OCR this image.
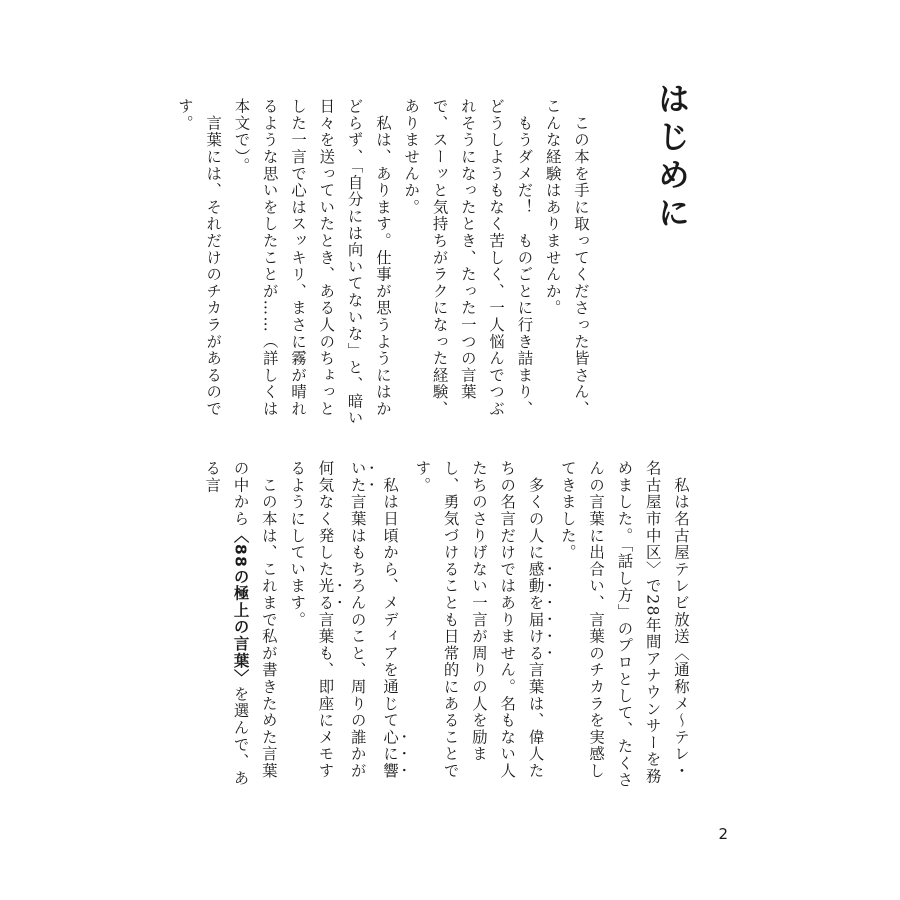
はじめに

　この本を手に取ってくださった皆さん、こんな経験はありませんか。

　もうダメだ！　ものごとに行き詰まり、どうしようもなく苦しく、一人悩んでつぶれそうになったとき、たった一つの言葉で、スーッと気持ちがラクになった経験、ありませんか。

　私は、あります。仕事が思うようにはかどらず、「自分には向いてないな」と、暗い日々を送っていたとき、ある人のちょっとした一言で心はスッキリ、まさに霧が晴れるような思いをしたことが……（詳しくは本文で）。

　言葉には、それだけのチカラがあるのです。

　私は名古屋テレビ放送〈通称メ〜テレ・名古屋市中区〉で28年間アナウンサーを務めました。「話し方」のプロとして、たくさんの言葉に出合い、言葉のチカラを実感してきました。

　多くの人に感動を届ける言葉は、偉人たちの名言だけではありません。名もない人たちのさりげない一言が周りの人を励まし、勇気づけることも日常的にあることです。

　私は日頃から、メディアを通じて心に響いた言葉はもちろんのこと、周りの誰かが何気なく発した光る言葉も、即座にメモするようにしています。

　この本は、これまで私が書きためた言葉の中から〈88の極上の言葉〉を選んで、ある言

2
